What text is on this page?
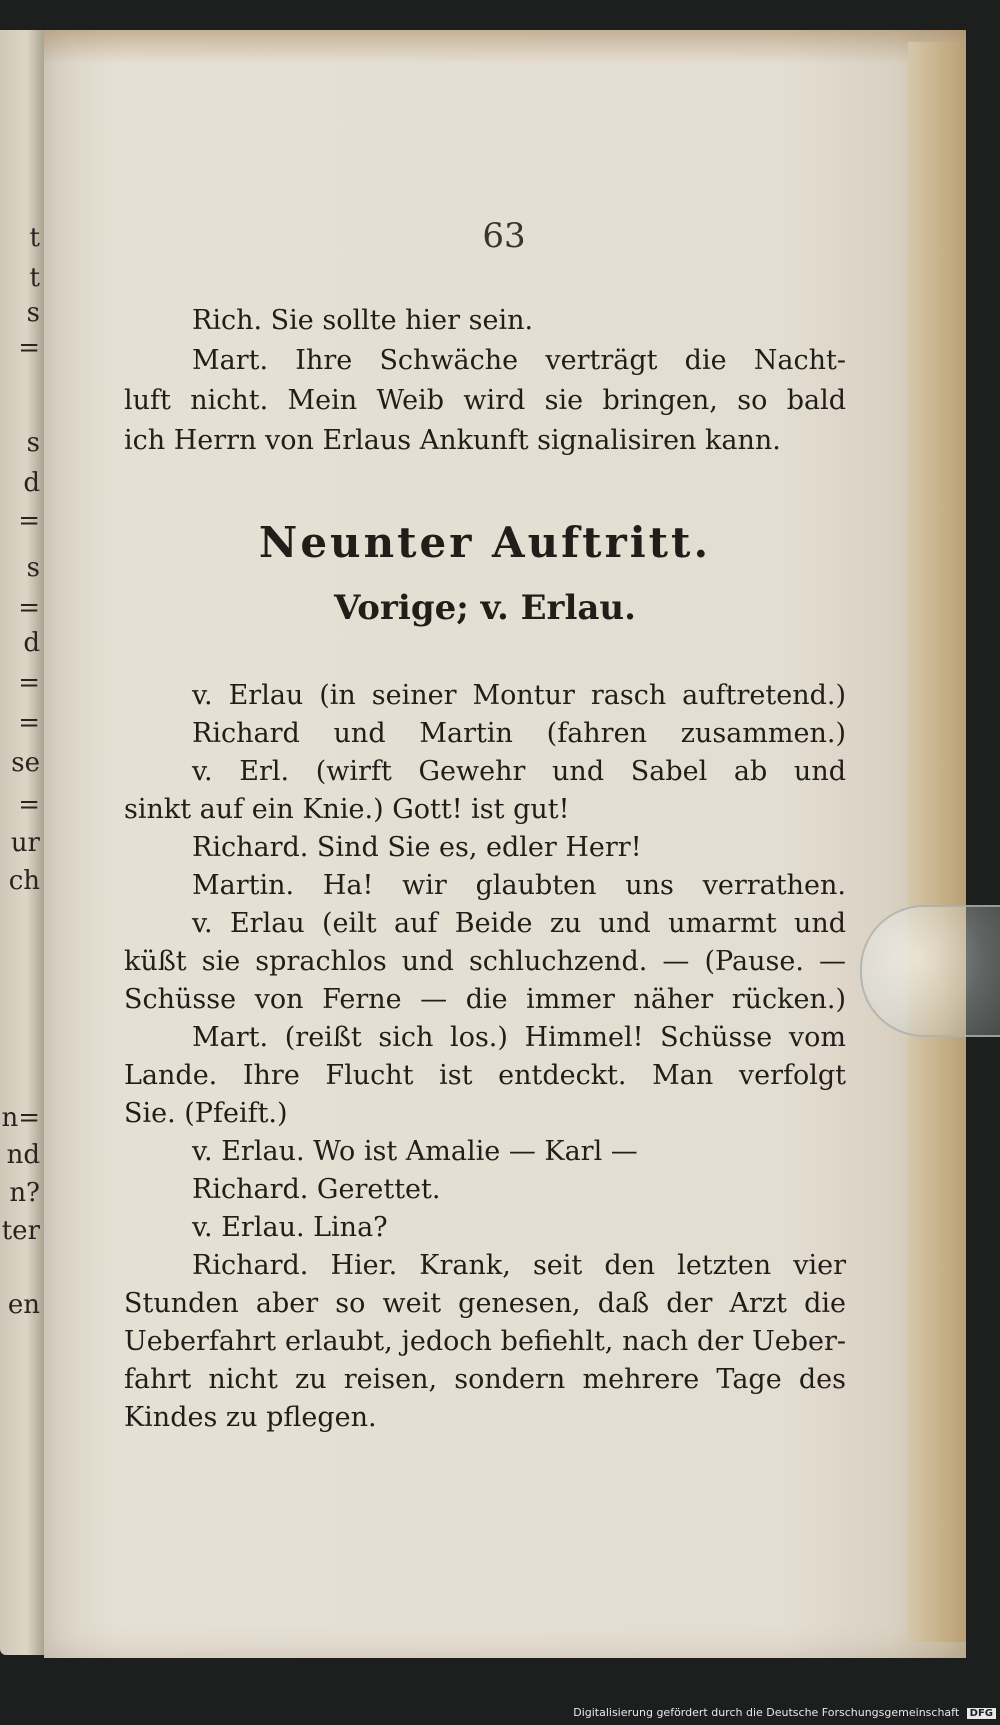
t
t
s
=
s
d
=
s
=
d
=
=
se
=
ur
ch
n=
nd
n?
ter
en
63
Rich. Sie sollte hier sein.
Mart. Ihre Schwäche verträgt die Nacht-
luft nicht. Mein Weib wird sie bringen, so bald
ich Herrn von Erlaus Ankunft signalisiren kann.
Neunter Auftritt.
Vorige; v. Erlau.
v. Erlau (in seiner Montur rasch auftretend.)
Richard und Martin (fahren zusammen.)
v. Erl. (wirft Gewehr und Sabel ab und
sinkt auf ein Knie.) Gott! ist gut!
Richard. Sind Sie es, edler Herr!
Martin. Ha! wir glaubten uns verrathen.
v. Erlau (eilt auf Beide zu und umarmt und
küßt sie sprachlos und schluchzend. — (Pause. —
Schüsse von Ferne — die immer näher rücken.)
Mart. (reißt sich los.) Himmel! Schüsse vom
Lande. Ihre Flucht ist entdeckt. Man verfolgt
Sie. (Pfeift.)
v. Erlau. Wo ist Amalie — Karl —
Richard. Gerettet.
v. Erlau. Lina?
Richard. Hier. Krank, seit den letzten vier
Stunden aber so weit genesen, daß der Arzt die
Ueberfahrt erlaubt, jedoch befiehlt, nach der Ueber-
fahrt nicht zu reisen, sondern mehrere Tage des
Kindes zu pflegen.
Digitalisierung gefördert durch die Deutsche Forschungsgemeinschaft DFG
